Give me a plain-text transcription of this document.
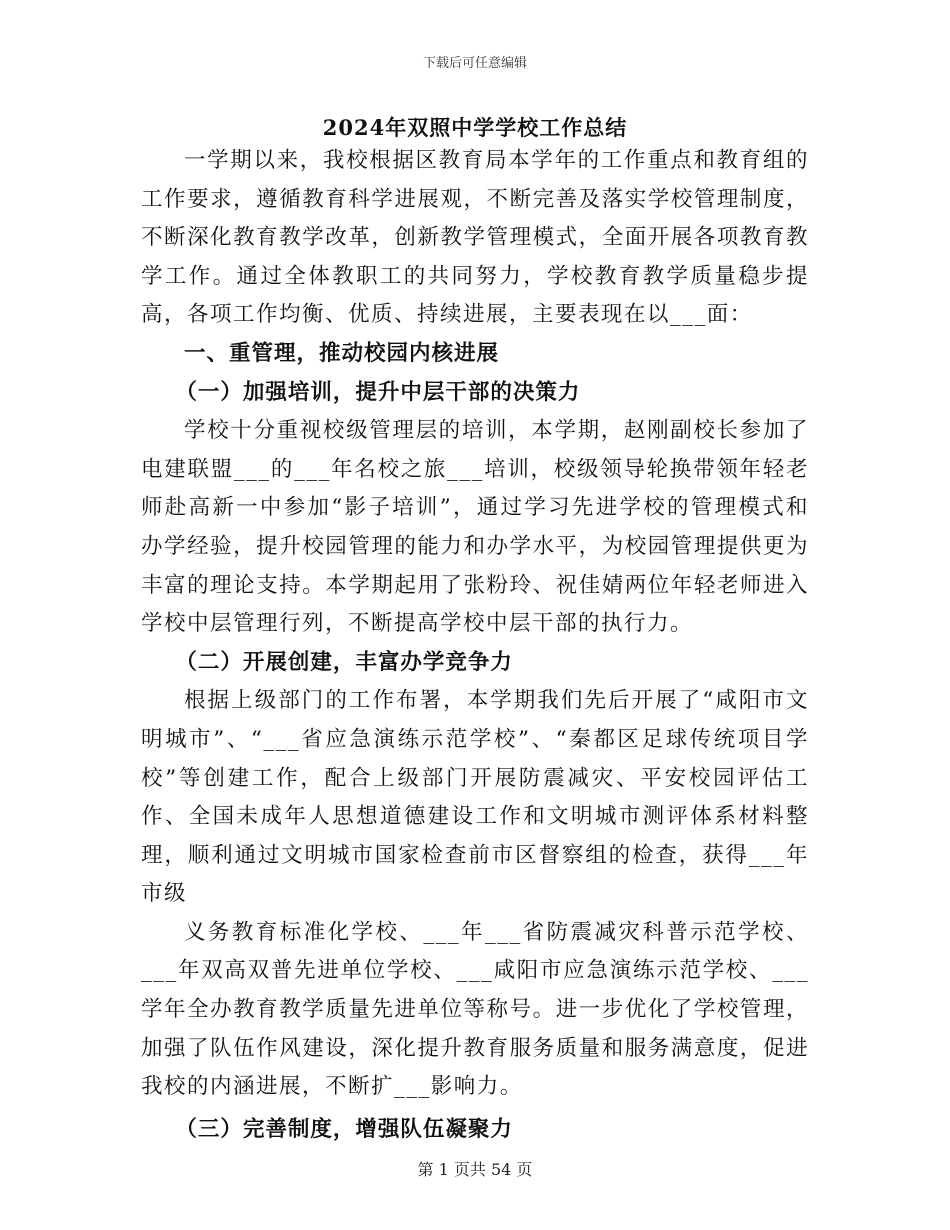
下载后可任意编辑
2024年双照中学学校工作总结

一学期以来，我校根据区教育局本学年的工作重点和教育组的工作要求，遵循教育科学进展观，不断完善及落实学校管理制度，不断深化教育教学改革，创新教学管理模式，全面开展各项教育教学工作。通过全体教职工的共同努力，学校教育教学质量稳步提高，各项工作均衡、优质、持续进展，主要表现在以___面：

一、重管理，推动校园内核进展
（一）加强培训，提升中层干部的决策力

学校十分重视校级管理层的培训，本学期，赵刚副校长参加了电建联盟___的___年名校之旅___培训，校级领导轮换带领年轻老师赴高新一中参加“影子培训”，通过学习先进学校的管理模式和办学经验，提升校园管理的能力和办学水平，为校园管理提供更为丰富的理论支持。本学期起用了张粉玲、祝佳婧两位年轻老师进入学校中层管理行列，不断提高学校中层干部的执行力。

（二）开展创建，丰富办学竞争力

根据上级部门的工作布署，本学期我们先后开展了“咸阳市文明城市”、“___省应急演练示范学校”、“秦都区足球传统项目学校”等创建工作，配合上级部门开展防震减灾、平安校园评估工作、全国未成年人思想道德建设工作和文明城市测评体系材料整理，顺利通过文明城市国家检查前市区督察组的检查，获得___年市级

义务教育标准化学校、___年___省防震减灾科普示范学校、___年双高双普先进单位学校、___咸阳市应急演练示范学校、___学年全办教育教学质量先进单位等称号。进一步优化了学校管理，加强了队伍作风建设，深化提升教育服务质量和服务满意度，促进我校的内涵进展，不断扩___影响力。

（三）完善制度，增强队伍凝聚力
第 1 页共 54 页
